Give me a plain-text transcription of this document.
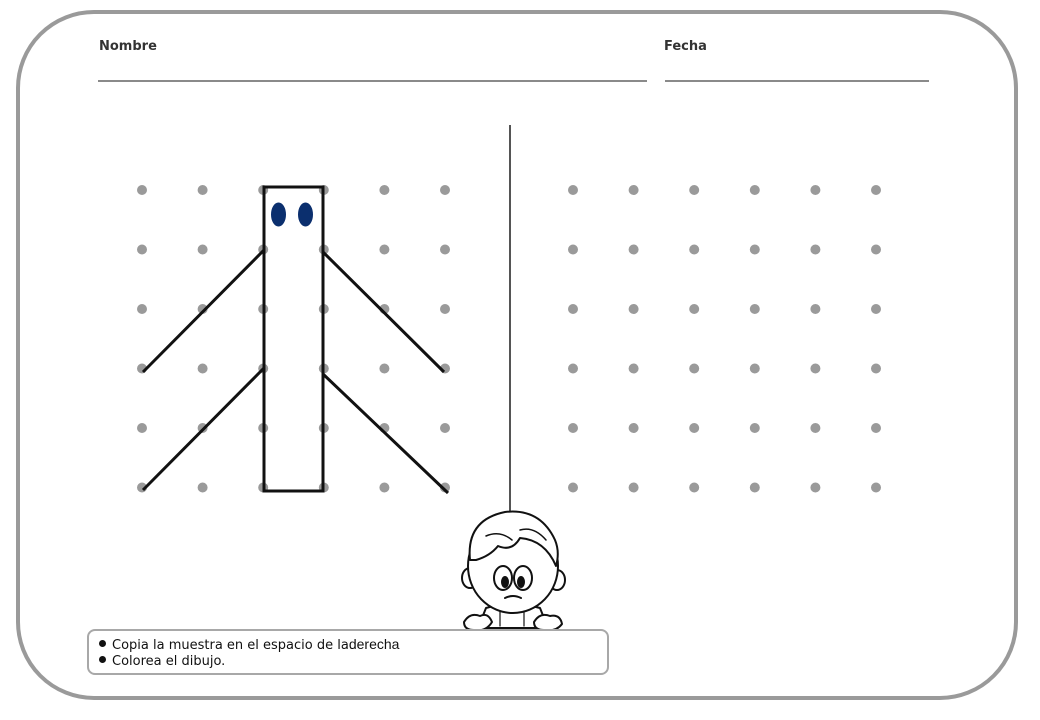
Nombre	Fecha
Copia la muestra en el espacio de laderecha
Colorea el dibujo.
